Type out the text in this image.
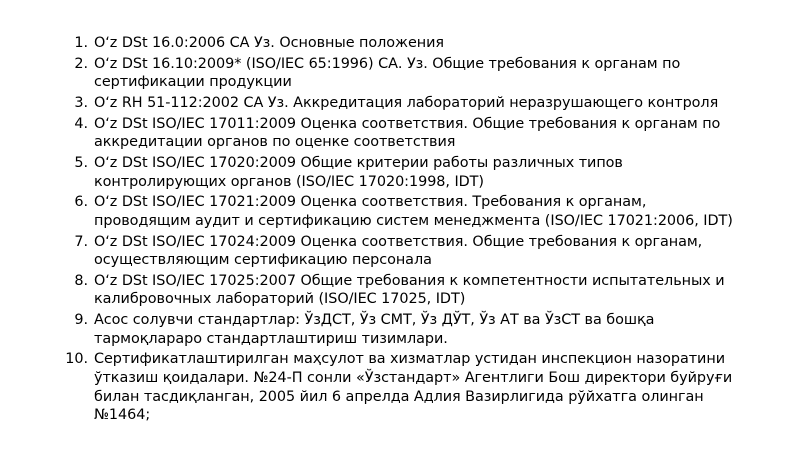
1. O‘z DSt 16.0:2006 СА Уз. Основные положения
2. O‘z DSt 16.10:2009* (ISO/IEC 65:1996) СА. Уз. Общие требования к органам по
сертификации продукции
3. O‘z RH 51-112:2002 СА Уз. Аккредитация лабораторий неразрушающего контроля
4. O‘z DSt ISO/IEC 17011:2009 Оценка соответствия. Общие требования к органам по
аккредитации органов по оценке соответствия
5. O‘z DSt ISO/IEC 17020:2009 Общие критерии работы различных типов
контролирующих органов (ISO/IEC 17020:1998, IDT)
6. O‘z DSt ISO/IEC 17021:2009 Оценка соответствия. Требования к органам,
проводящим аудит и сертификацию систем менеджмента (ISO/IEC 17021:2006, IDT)
7. O‘z DSt ISO/IEC 17024:2009 Оценка соответствия. Общие требования к органам,
осуществляющим сертификацию персонала
8. O‘z DSt ISO/IEC 17025:2007 Общие требования к компетентности испытательных и
калибровочных лабораторий (ISO/IEC 17025, IDT)
9. Асос солувчи стандартлар: ЎзДСТ, Ўз СМТ, Ўз ДЎТ, Ўз АТ ва ЎзСТ ва бошқа
тармоқлараро стандартлаштириш тизимлари.
10. Сертификатлаштирилган маҳсулот ва хизматлар устидан инспекцион назоратини
ўтказиш қоидалари. №24-П сонли «Ўзстандарт» Агентлиги Бош директори буйруғи
билан тасдиқланган, 2005 йил 6 апрелда Адлия Вазирлигида рўйхатга олинган
№1464;
